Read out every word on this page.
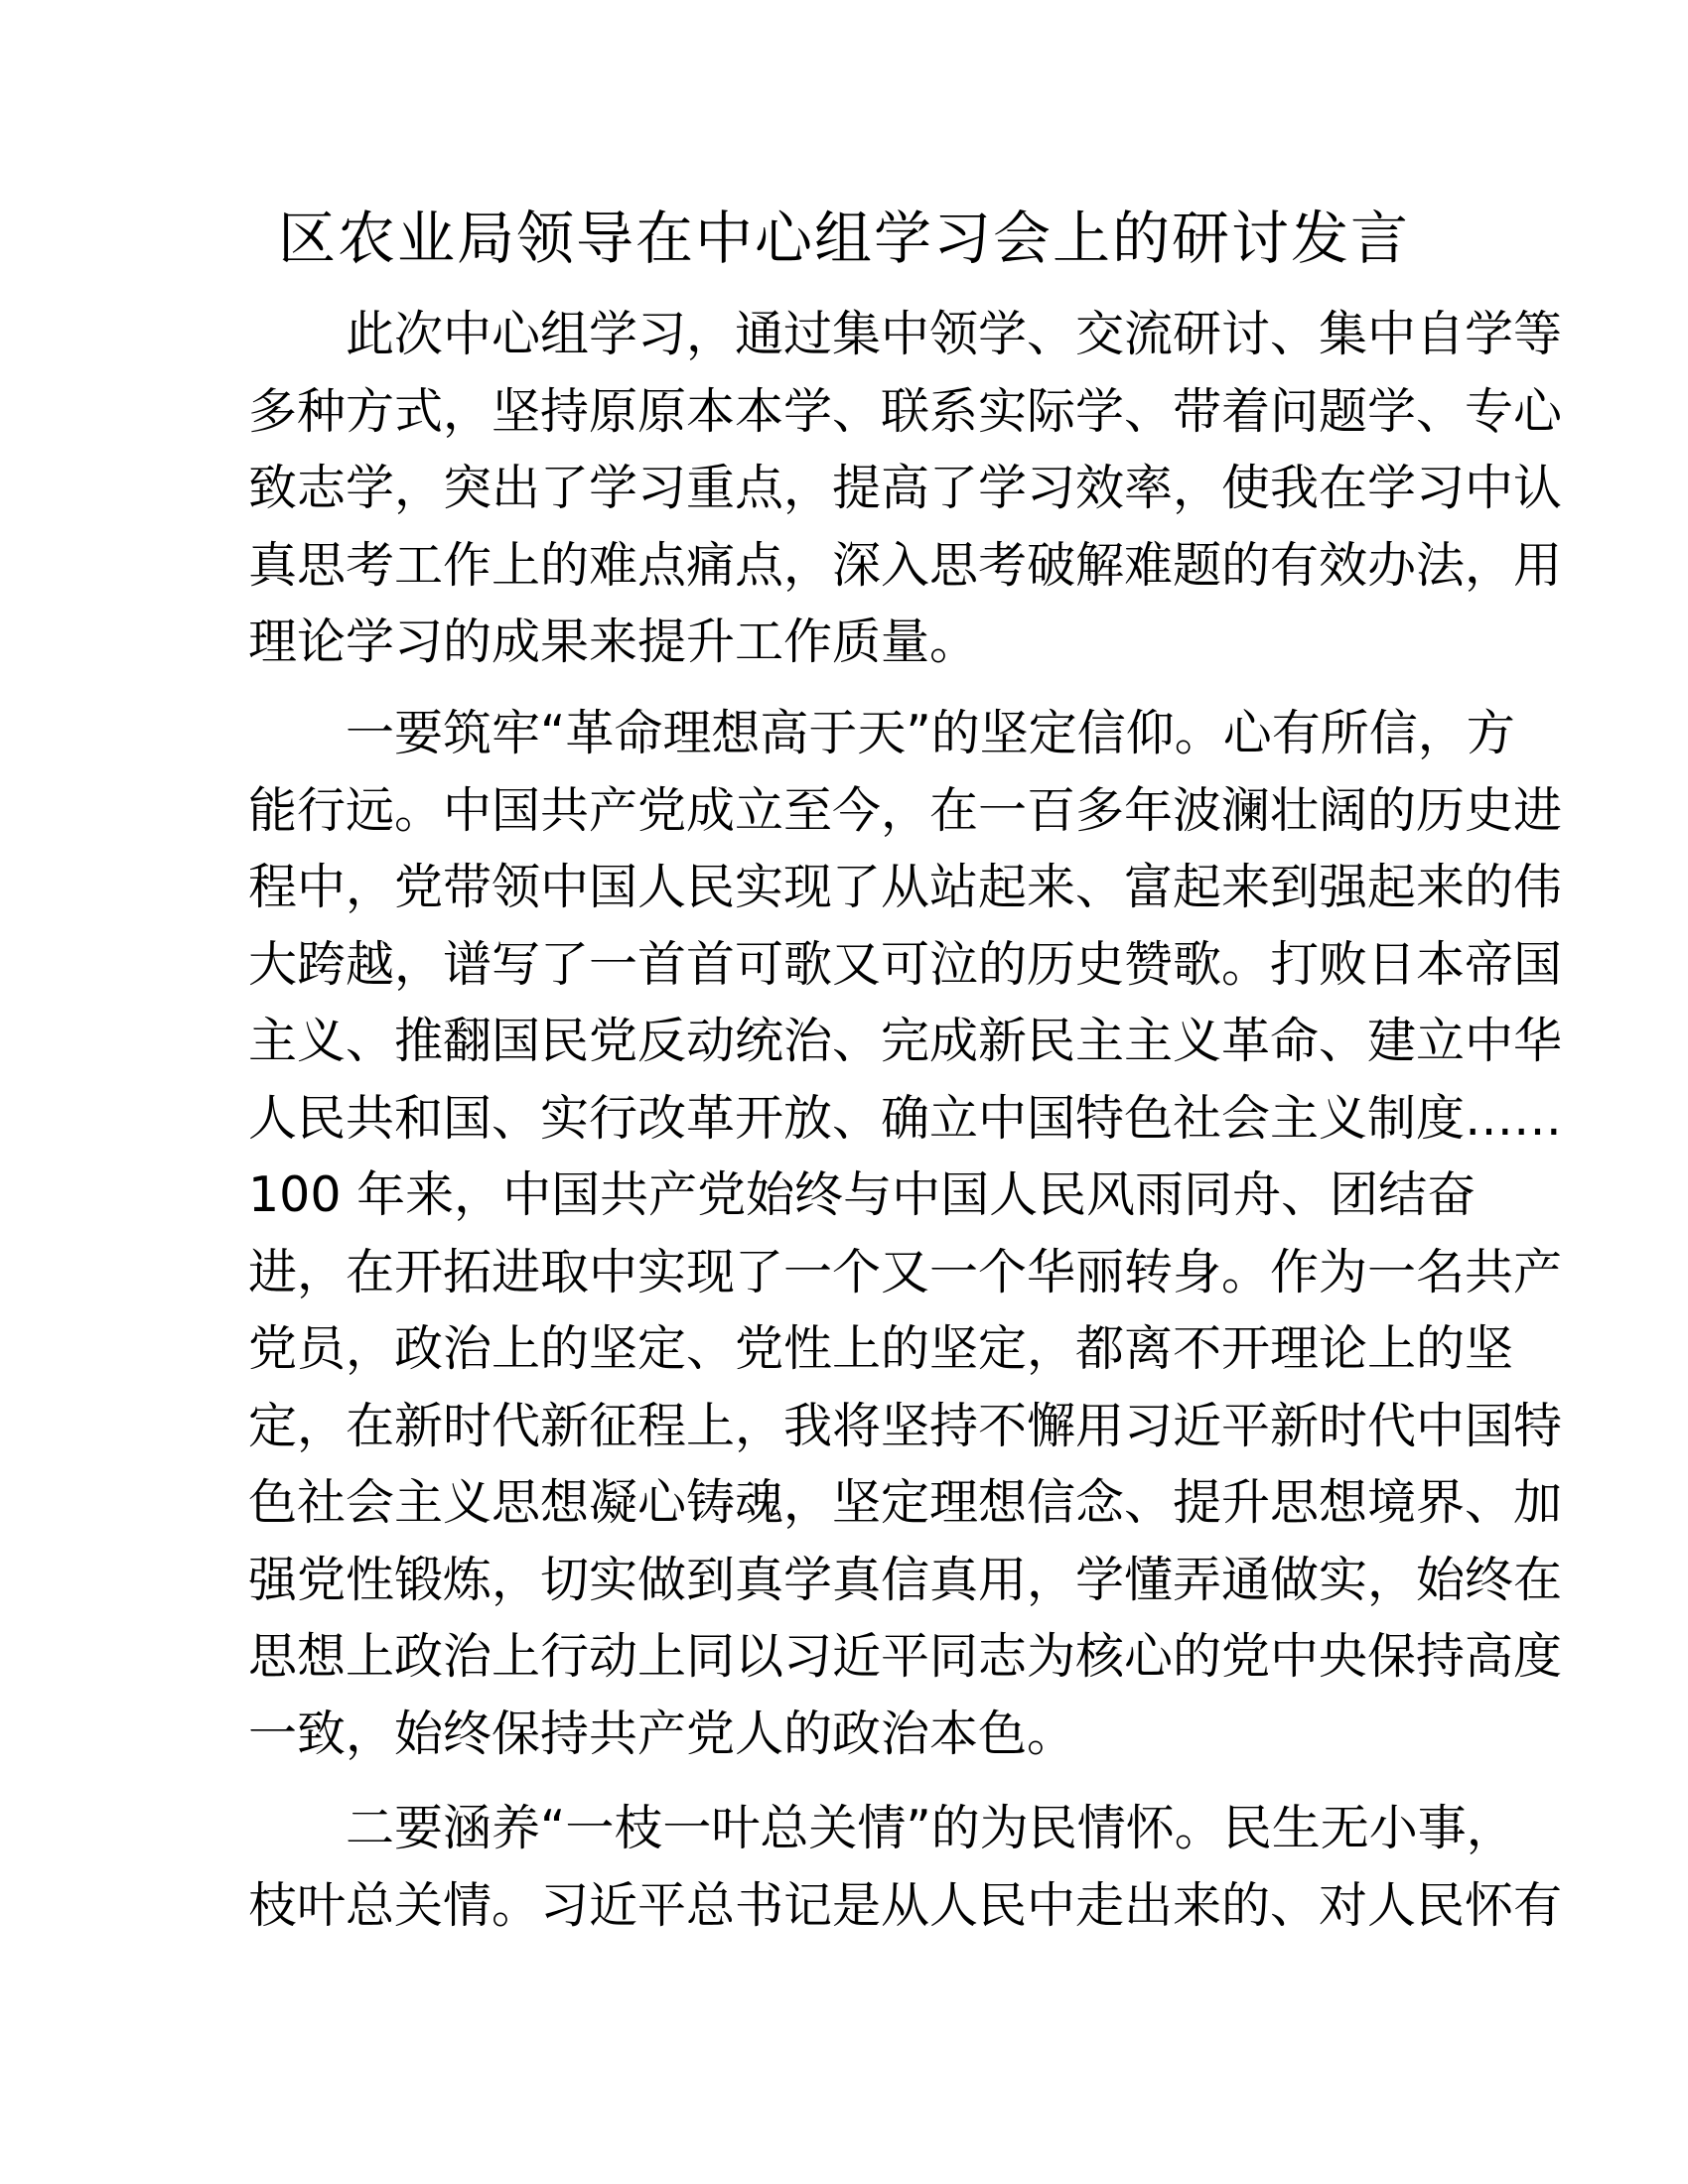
区农业局领导在中心组学习会上的研讨发言
此次中心组学习，通过集中领学、交流研讨、集中自学等
多种方式，坚持原原本本学、联系实际学、带着问题学、专心
致志学，突出了学习重点，提高了学习效率，使我在学习中认
真思考工作上的难点痛点，深入思考破解难题的有效办法，用
理论学习的成果来提升工作质量。
一要筑牢“革命理想高于天”的坚定信仰。心有所信，方
能行远。中国共产党成立至今，在一百多年波澜壮阔的历史进
程中，党带领中国人民实现了从站起来、富起来到强起来的伟
大跨越，谱写了一首首可歌又可泣的历史赞歌。打败日本帝国
主义、推翻国民党反动统治、完成新民主主义革命、建立中华
人民共和国、实行改革开放、确立中国特色社会主义制度……
100 年来，中国共产党始终与中国人民风雨同舟、团结奋
进，在开拓进取中实现了一个又一个华丽转身。作为一名共产
党员，政治上的坚定、党性上的坚定，都离不开理论上的坚
定，在新时代新征程上，我将坚持不懈用习近平新时代中国特
色社会主义思想凝心铸魂，坚定理想信念、提升思想境界、加
强党性锻炼，切实做到真学真信真用，学懂弄通做实，始终在
思想上政治上行动上同以习近平同志为核心的党中央保持高度
一致，始终保持共产党人的政治本色。
二要涵养“一枝一叶总关情”的为民情怀。民生无小事，
枝叶总关情。习近平总书记是从人民中走出来的、对人民怀有
